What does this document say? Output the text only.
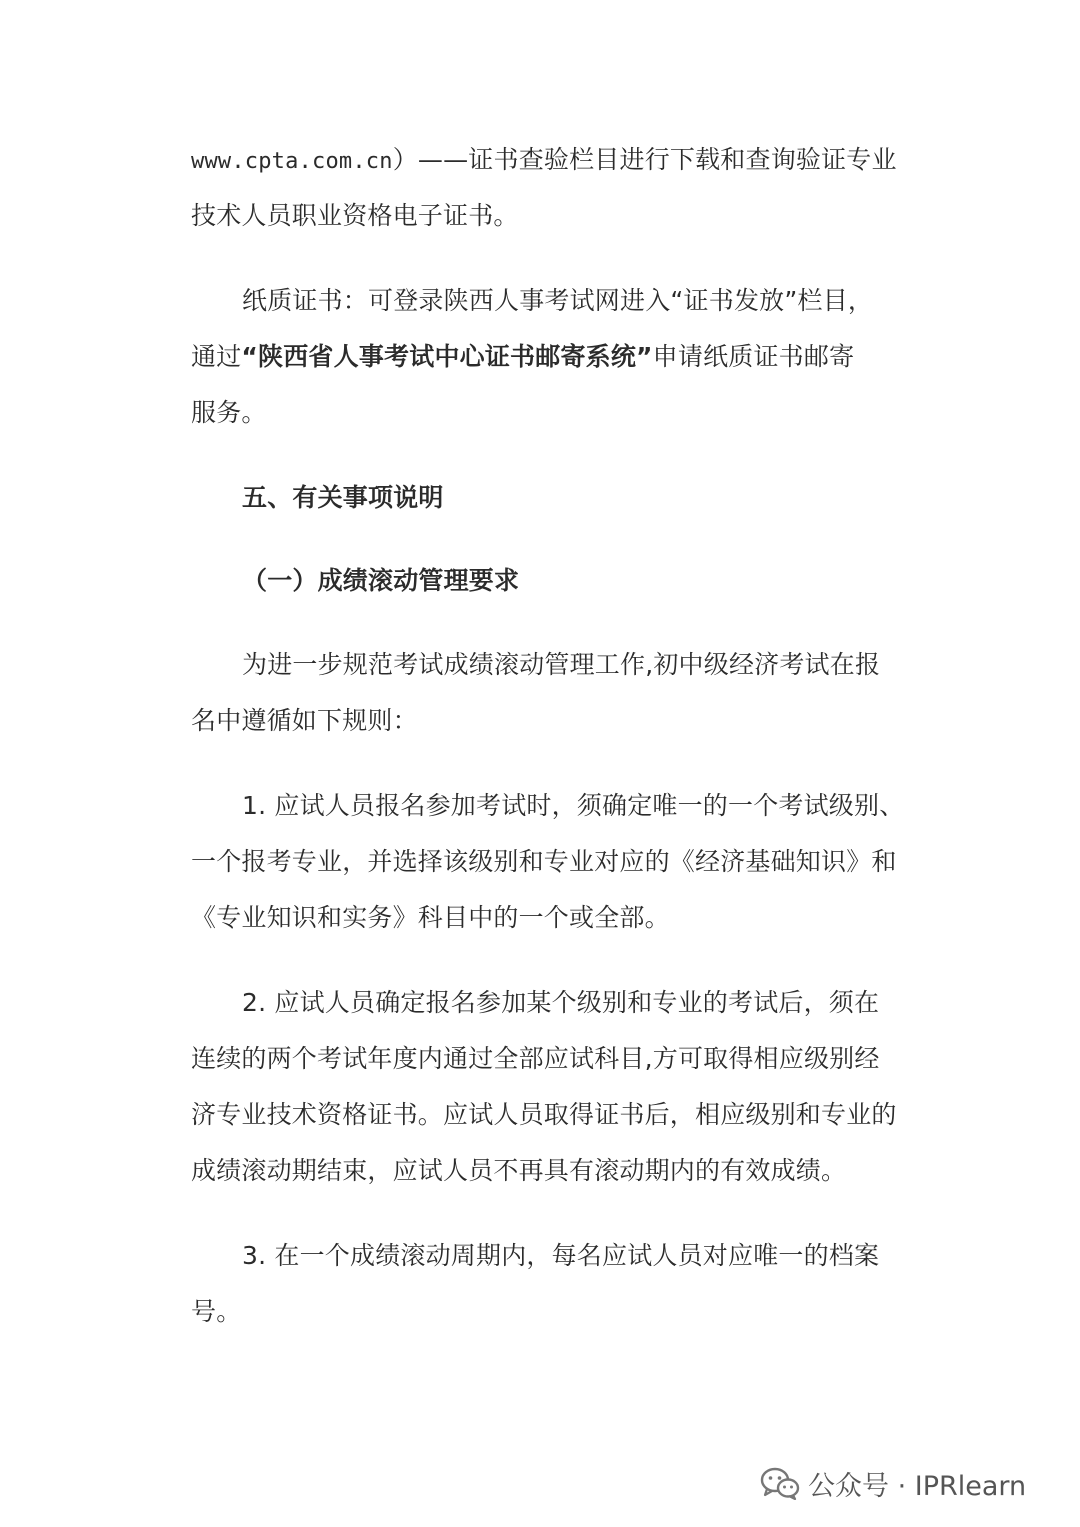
www.cpta.com.cn）——证书查验栏目进行下载和查询验证专业
技术人员职业资格电子证书。
纸质证书：可登录陕西人事考试网进入“证书发放”栏目，
通过“陕西省人事考试中心证书邮寄系统”申请纸质证书邮寄
服务。
五、有关事项说明
（一）成绩滚动管理要求
为进一步规范考试成绩滚动管理工作,初中级经济考试在报
名中遵循如下规则：
1. 应试人员报名参加考试时，须确定唯一的一个考试级别、
一个报考专业，并选择该级别和专业对应的《经济基础知识》和
《专业知识和实务》科目中的一个或全部。
2. 应试人员确定报名参加某个级别和专业的考试后，须在
连续的两个考试年度内通过全部应试科目,方可取得相应级别经
济专业技术资格证书。应试人员取得证书后，相应级别和专业的
成绩滚动期结束，应试人员不再具有滚动期内的有效成绩。
3. 在一个成绩滚动周期内，每名应试人员对应唯一的档案
号。
公众号 · IPRlearn
